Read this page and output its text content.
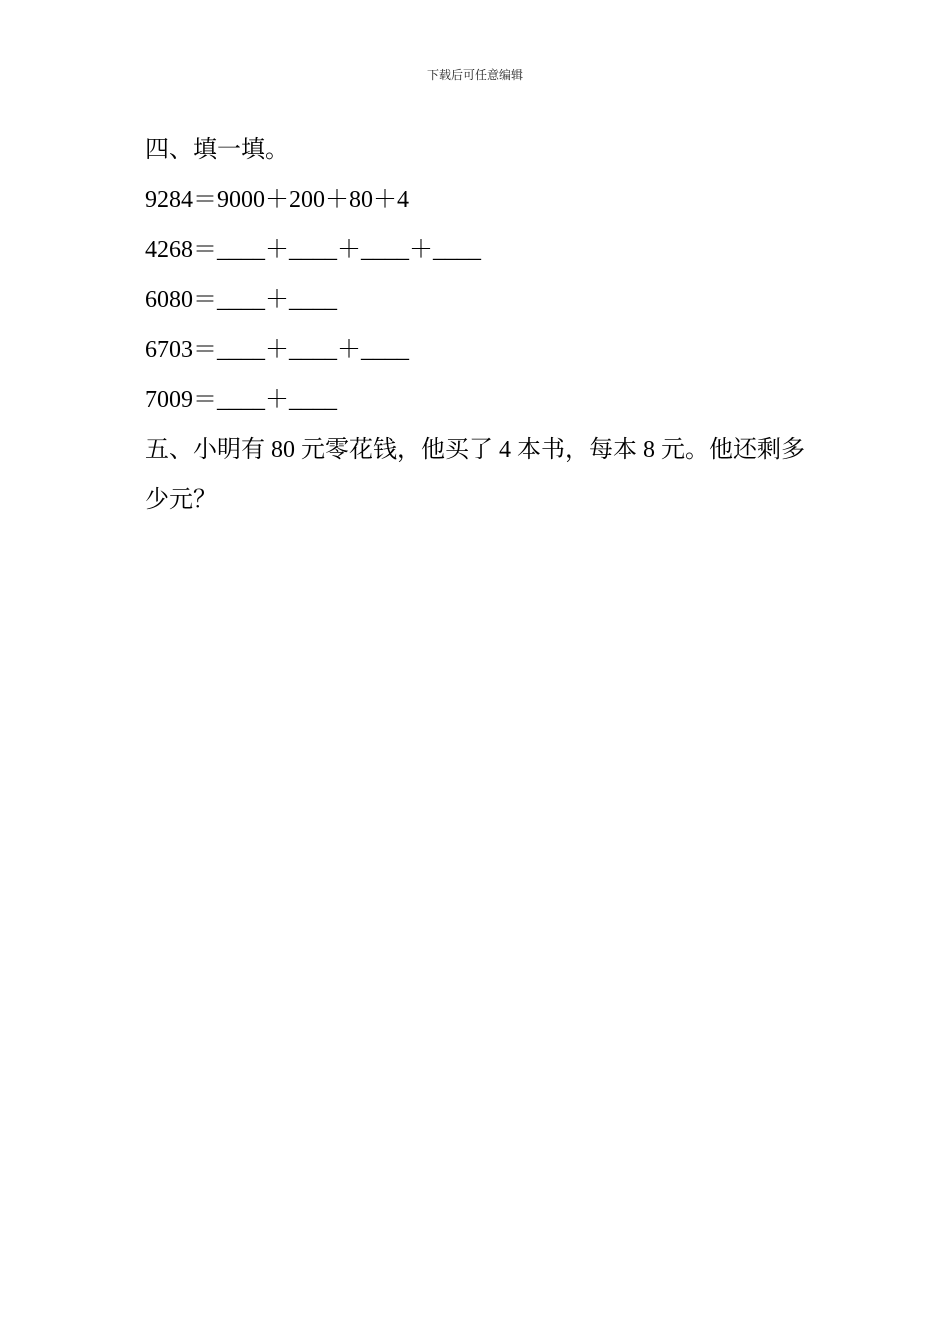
下载后可任意编辑
四、填一填。
9284＝9000＋200＋80＋4
4268＝____＋____＋____＋____
6080＝____＋____
6703＝____＋____＋____
7009＝____＋____
五、小明有 80 元零花钱，他买了 4 本书，每本 8 元。他还剩多少元？
